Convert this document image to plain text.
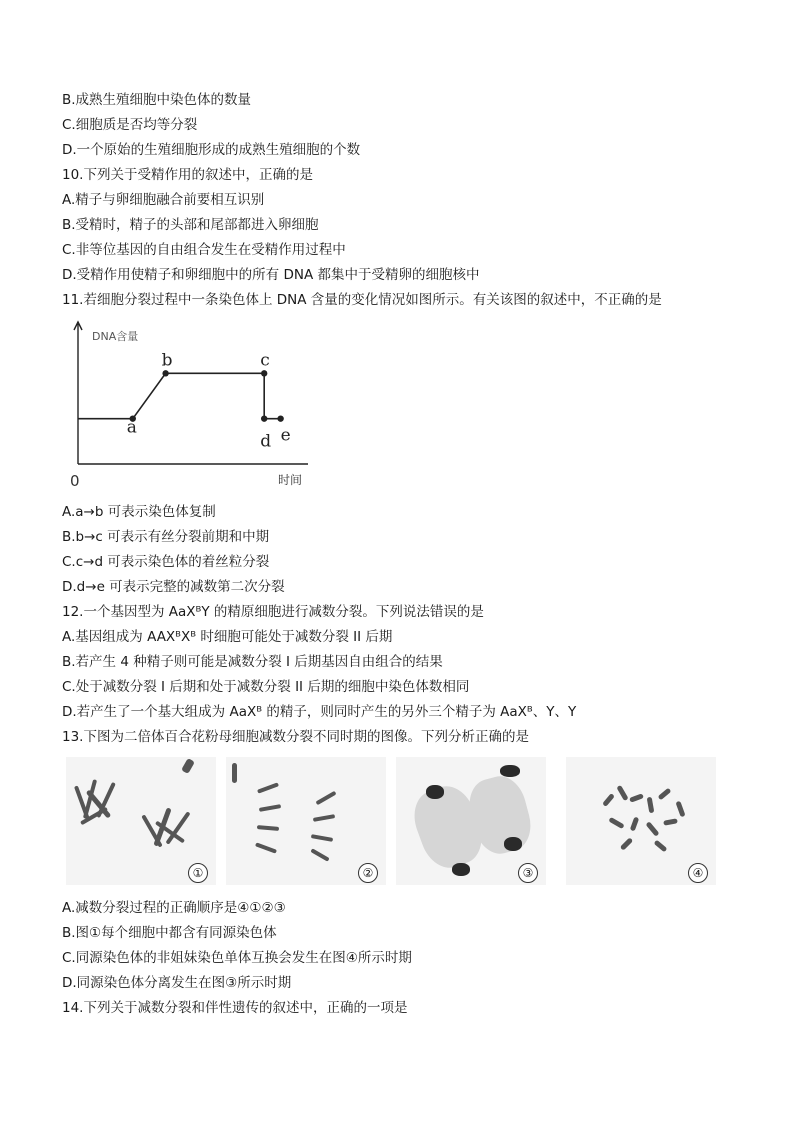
B.成熟生殖细胞中染色体的数量
C.细胞质是否均等分裂
D.一个原始的生殖细胞形成的成熟生殖细胞的个数
10.下列关于受精作用的叙述中，正确的是
A.精子与卵细胞融合前要相互识别
B.受精时，精子的头部和尾部都进入卵细胞
C.非等位基因的自由组合发生在受精作用过程中
D.受精作用使精子和卵细胞中的所有 DNA 都集中于受精卵的细胞核中
11.若细胞分裂过程中一条染色体上 DNA 含量的变化情况如图所示。有关该图的叙述中，不正确的是
DNA含量
时间
0
a
b	c
d e
A.a→b 可表示染色体复制
B.b→c 可表示有丝分裂前期和中期
C.c→d 可表示染色体的着丝粒分裂
D.d→e 可表示完整的减数第二次分裂
12.一个基因型为 AaXᴮY 的精原细胞进行减数分裂。下列说法错误的是
A.基因组成为 AAXᴮXᴮ 时细胞可能处于减数分裂 II 后期
B.若产生 4 种精子则可能是减数分裂 I 后期基因自由组合的结果
C.处于减数分裂 I 后期和处于减数分裂 II 后期的细胞中染色体数相同
D.若产生了一个基大组成为 AaXᴮ 的精子，则同时产生的另外三个精子为 AaXᴮ、Y、Y
13.下图为二倍体百合花粉母细胞减数分裂不同时期的图像。下列分析正确的是
①	②	③	④
A.减数分裂过程的正确顺序是④①②③
B.图①每个细胞中都含有同源染色体
C.同源染色体的非姐妹染色单体互换会发生在图④所示时期
D.同源染色体分离发生在图③所示时期
14.下列关于减数分裂和伴性遗传的叙述中，正确的一项是
